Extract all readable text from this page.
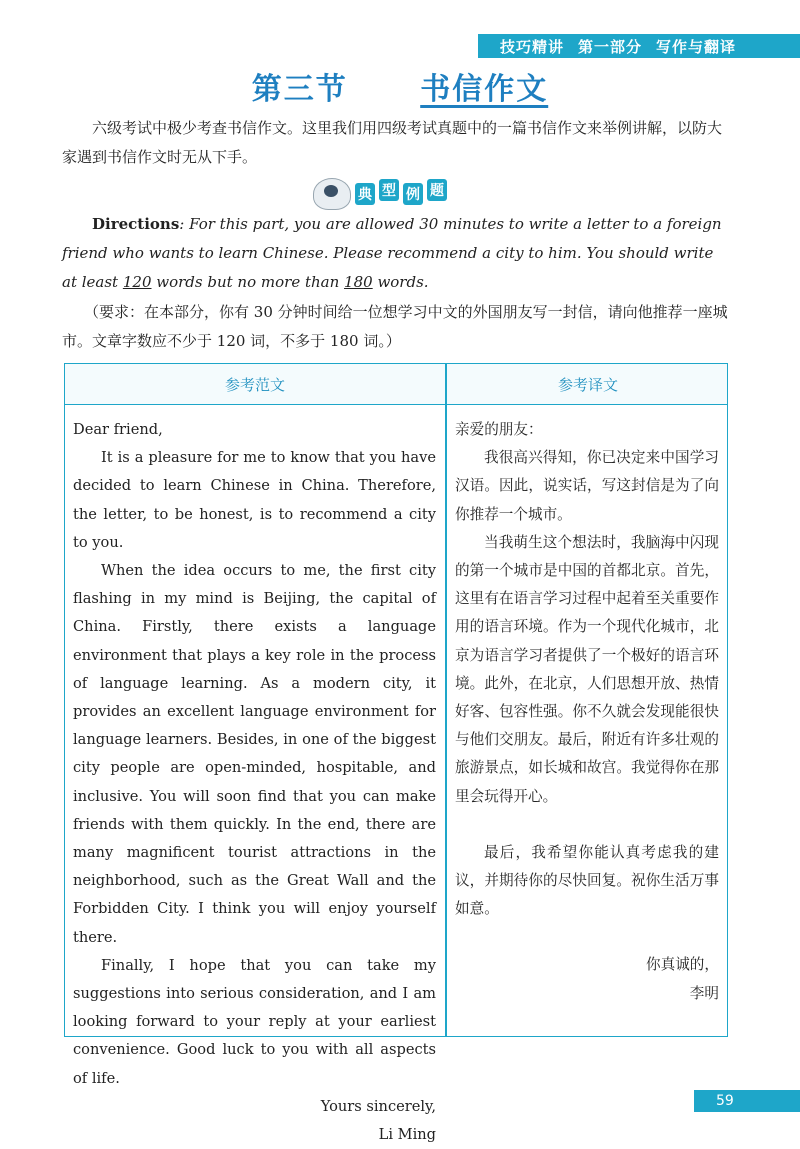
技巧精讲 第一部分 写作与翻译
第三节 书信作文
六级考试中极少考查书信作文。这里我们用四级考试真题中的一篇书信作文来举例讲解，以防大家遇到书信作文时无从下手。
典 型 例 题
Directions: For this part, you are allowed 30 minutes to write a letter to a foreign friend who wants to learn Chinese. Please recommend a city to him. You should write at least 120 words but no more than 180 words.
（要求：在本部分，你有 30 分钟时间给一位想学习中文的外国朋友写一封信，请向他推荐一座城市。文章字数应不少于 120 词，不多于 180 词。）
参考范文	参考译文

Dear friend,

It is a pleasure for me to know that you have decided to learn Chinese in China. Therefore, the letter, to be honest, is to recommend a city to you.

When the idea occurs to me, the first city flashing in my mind is Beijing, the capital of China. Firstly, there exists a language environment that plays a key role in the process of language learning. As a modern city, it provides an excellent language environment for language learners. Besides, in one of the biggest city people are open-minded, hospitable, and inclusive. You will soon find that you can make friends with them quickly. In the end, there are many magnificent tourist attractions in the neighborhood, such as the Great Wall and the Forbidden City. I think you will enjoy yourself there.

Finally, I hope that you can take my suggestions into serious consideration, and I am looking forward to your reply at your earliest convenience. Good luck to you with all aspects of life.

Yours sincerely,

Li Ming

亲爱的朋友：

我很高兴得知，你已决定来中国学习汉语。因此，说实话，写这封信是为了向你推荐一个城市。

当我萌生这个想法时，我脑海中闪现的第一个城市是中国的首都北京。首先，这里有在语言学习过程中起着至关重要作用的语言环境。作为一个现代化城市，北京为语言学习者提供了一个极好的语言环境。此外，在北京，人们思想开放、热情好客、包容性强。你不久就会发现能很快与他们交朋友。最后，附近有许多壮观的旅游景点，如长城和故宫。我觉得你在那里会玩得开心。

最后，我希望你能认真考虑我的建议，并期待你的尽快回复。祝你生活万事如意。

你真诚的，

李明

59
